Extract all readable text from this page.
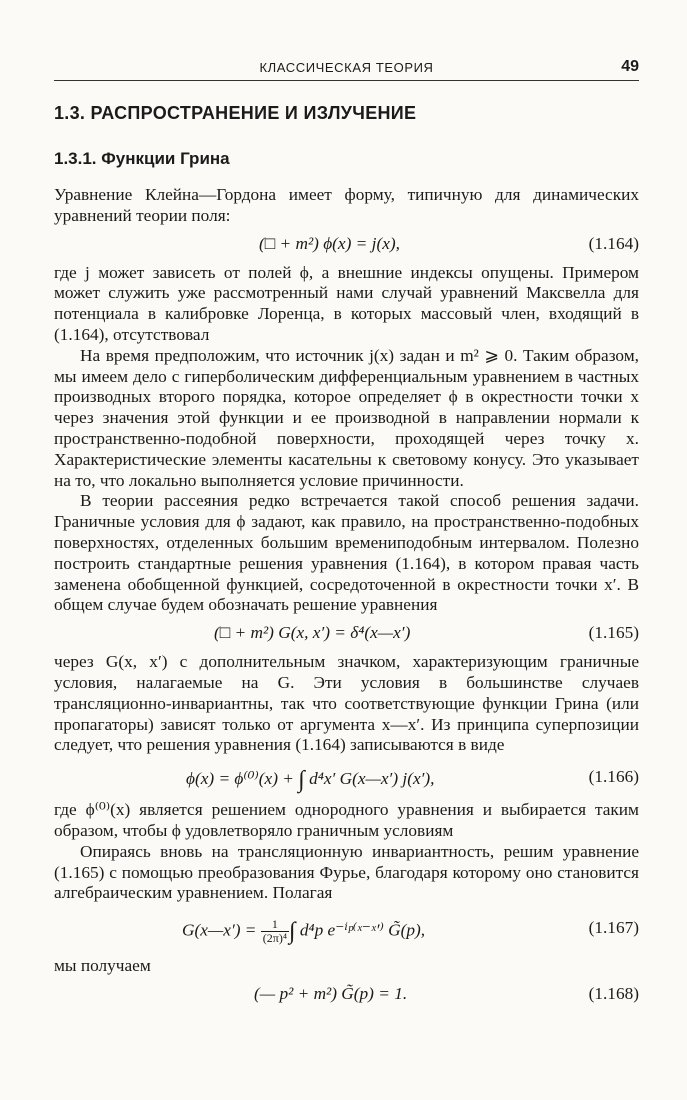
КЛАССИЧЕСКАЯ ТЕОРИЯ	49
1.3. РАСПРОСТРАНЕНИЕ И ИЗЛУЧЕНИЕ
1.3.1. Функции Грина

Уравнение Клейна—Гордона имеет форму, типичную для динамических уравнений теории поля:

(□ + m²) ϕ(x) = j(x),	(1.164)

где j может зависеть от полей ϕ, а внешние индексы опущены. Примером может служить уже рассмотренный нами случай уравнений Максвелла для потенциала в калибровке Лоренца, в которых массовый член, входящий в (1.164), отсутствовал

На время предположим, что источник j(x) задан и m² ⩾ 0. Таким образом, мы имеем дело с гиперболическим дифференциальным уравнением в частных производных второго порядка, которое определяет ϕ в окрестности точки x через значения этой функции и ее производной в направлении нормали к пространственно-подобной поверхности, проходящей через точку x. Характеристические элементы касательны к световому конусу. Это указывает на то, что локально выполняется условие причинности.

В теории рассеяния редко встречается такой способ решения задачи. Граничные условия для ϕ задают, как правило, на пространственно-подобных поверхностях, отделенных большим времениподобным интервалом. Полезно построить стандартные решения уравнения (1.164), в котором правая часть заменена обобщенной функцией, сосредоточенной в окрестности точки x′. В общем случае будем обозначать решение уравнения

(□ + m²) G(x, x′) = δ⁴(x—x′)	(1.165)

через G(x, x′) с дополнительным значком, характеризующим граничные условия, налагаемые на G. Эти условия в большинстве случаев трансляционно-инвариантны, так что соответствующие функции Грина (или пропагаторы) зависят только от аргумента x—x′. Из принципа суперпозиции следует, что решения уравнения (1.164) записываются в виде

ϕ(x) = ϕ⁽⁰⁾(x) + ∫ d⁴x′ G(x—x′) j(x′),	(1.166)

где ϕ⁽⁰⁾(x) является решением однородного уравнения и выбирается таким образом, чтобы ϕ удовлетворяло граничным условиям

Опираясь вновь на трансляционную инвариантность, решим уравнение (1.165) с помощью преобразования Фурье, благодаря которому оно становится алгебраическим уравнением. Полагая

G(x—x′) = $\frac{1}{\text{(2π)⁴}}$ ∫ d⁴p e⁻ⁱᵖ⁽ˣ⁻ˣ′⁾ G̃(p),	(1.167)

мы получаем

(— p² + m²) G̃(p) = 1.	(1.168)
